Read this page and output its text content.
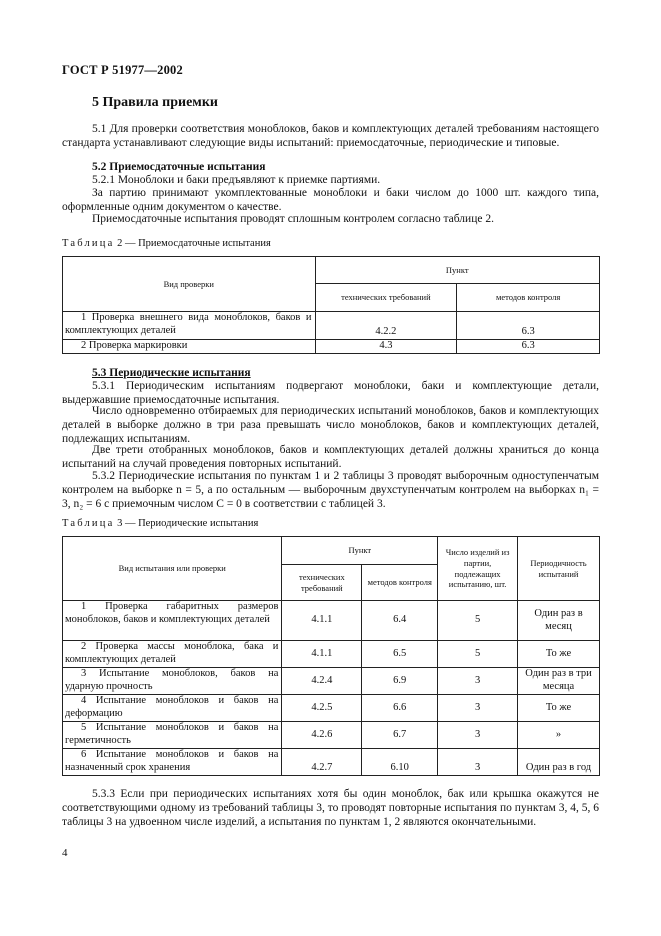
ГОСТ Р 51977—2002
5 Правила приемки

5.1 Для проверки соответствия моноблоков, баков и комплектующих деталей требованиям настоящего стандарта устанавливают следующие виды испытаний: приемосдаточные, периодические и типовые.

5.2 Приемосдаточные испытания

5.2.1 Моноблоки и баки предъявляют к приемке партиями.

За партию принимают укомплектованные моноблоки и баки числом до 1000 шт. каждого типа, оформленные одним документом о качестве.

Приемосдаточные испытания проводят сплошным контролем согласно таблице 2.

Таблица 2 — Приемосдаточные испытания
Вид проверки	Пункт	
	технических требований	методов контроля
1 Проверка внешнего вида моноблоков, баков и комплектующих деталей	4.2.2	6.3
2 Проверка маркировки	4.3	6.3
5.3 Периодические испытания

5.3.1 Периодическим испытаниям подвергают моноблоки, баки и комплектующие детали, выдержавшие приемосдаточные испытания.

Число одновременно отбираемых для периодических испытаний моноблоков, баков и комплектующих деталей в выборке должно в три раза превышать число моноблоков, баков и комплектующих деталей, подлежащих испытаниям.

Две трети отобранных моноблоков, баков и комплектующих деталей должны храниться до конца испытаний на случай проведения повторных испытаний.

5.3.2 Периодические испытания по пунктам 1 и 2 таблицы 3 проводят выборочным одноступенчатым контролем на выборке n = 5, а по остальным — выборочным двухступенчатым контролем на выборках n₁ = 3, n₂ = 6 с приемочным числом C = 0 в соответствии с таблицей 3.

Таблица 3 — Периодические испытания
Вид испытания или проверки	Пункт		Число изделий из партии, подлежащих испытанию, шт.	Периодичность испытаний
	технических требований	методов контроля		
1 Проверка габаритных размеров моноблоков, баков и комплектующих деталей	4.1.1	6.4	5	Один раз в месяц
2 Проверка массы моноблока, бака и комплектующих деталей	4.1.1	6.5	5	То же
3 Испытание моноблоков, баков на ударную прочность	4.2.4	6.9	3	Один раз в три месяца
4 Испытание моноблоков и баков на деформацию	4.2.5	6.6	3	То же
5 Испытание моноблоков и баков на герметичность	4.2.6	6.7	3	»
6 Испытание моноблоков и баков на назначенный срок хранения	4.2.7	6.10	3	Один раз в год

5.3.3 Если при периодических испытаниях хотя бы один моноблок, бак или крышка окажутся не соответствующими одному из требований таблицы 3, то проводят повторные испытания по пунктам 3, 4, 5, 6 таблицы 3 на удвоенном числе изделий, а испытания по пунктам 1, 2 являются окончательными.

4
